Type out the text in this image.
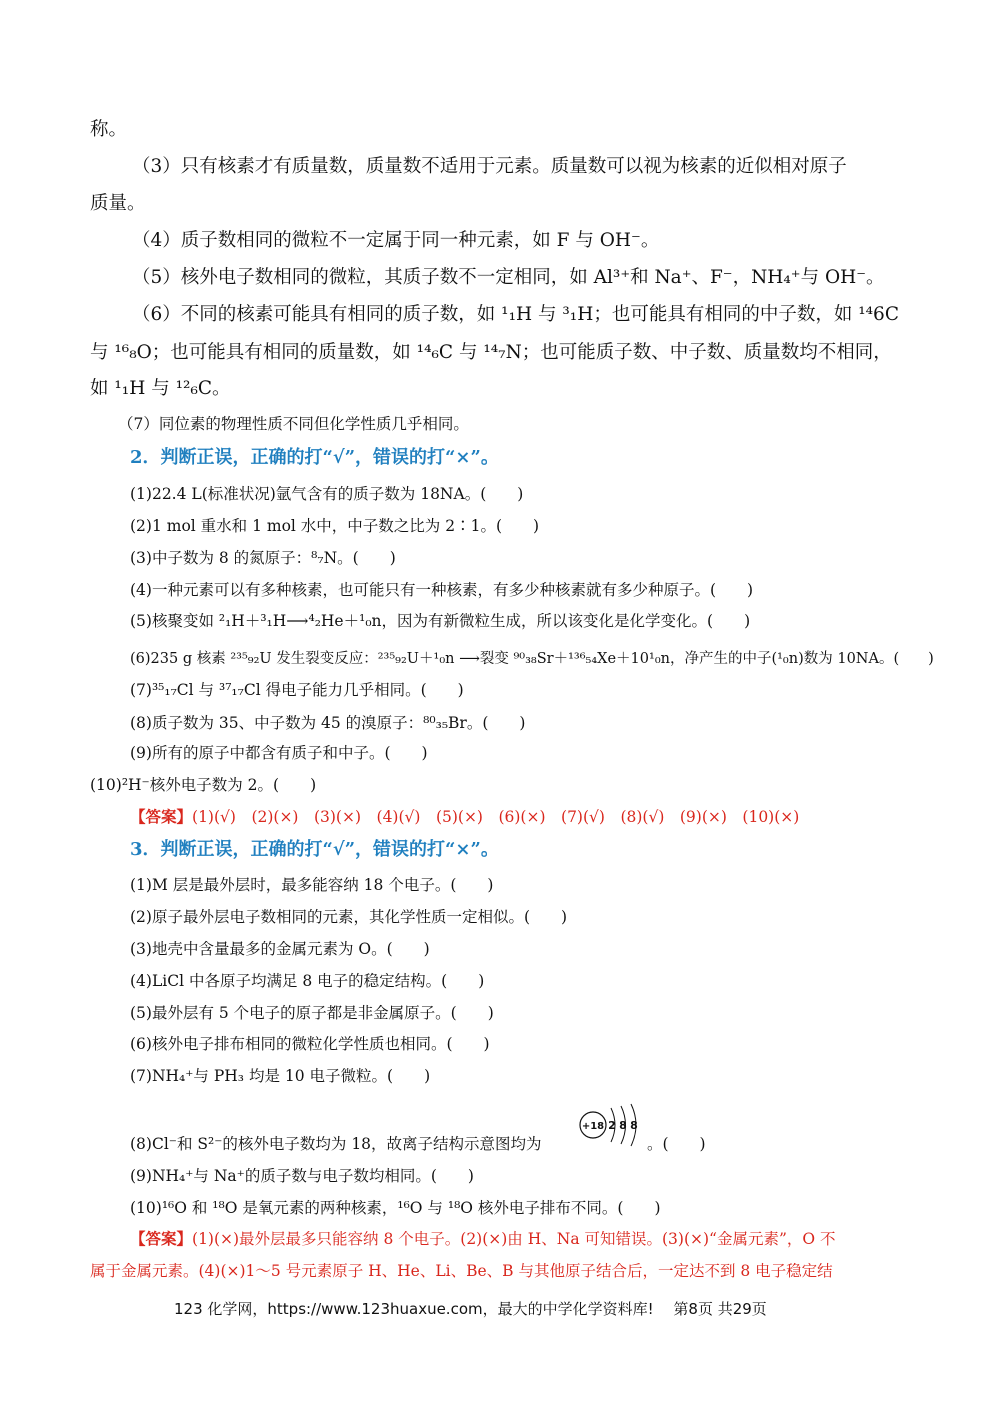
称。
（3）只有核素才有质量数，质量数不适用于元素。质量数可以视为核素的近似相对原子
质量。
（4）质子数相同的微粒不一定属于同一种元素，如 F 与 OH⁻。
（5）核外电子数相同的微粒，其质子数不一定相同，如 Al³⁺和 Na⁺、F⁻，NH₄⁺与 OH⁻。
（6）不同的核素可能具有相同的质子数，如 ¹₁H 与 ³₁H；也可能具有相同的中子数，如 ¹⁴6C
与 ¹⁶₈O；也可能具有相同的质量数，如 ¹⁴₆C 与 ¹⁴₇N；也可能质子数、中子数、质量数均不相同，
如 ¹₁H 与 ¹²₆C。
（7）同位素的物理性质不同但化学性质几乎相同。
2．判断正误，正确的打“√”，错误的打“×”。
(1)22.4 L(标准状况)氩气含有的质子数为 18NA。(　　)
(2)1 mol 重水和 1 mol 水中，中子数之比为 2∶1。(　　)
(3)中子数为 8 的氮原子：⁸₇N。(　　)
(4)一种元素可以有多种核素，也可能只有一种核素，有多少种核素就有多少种原子。(　　)
(5)核聚变如 ²₁H＋³₁H⟶⁴₂He＋¹₀n，因为有新微粒生成，所以该变化是化学变化。(　　)
(6)235 g 核素 ²³⁵₉₂U 发生裂变反应：²³⁵₉₂U＋¹₀n ⟶裂变 ⁹⁰₃₈Sr＋¹³⁶₅₄Xe＋10¹₀n，净产生的中子(¹₀n)数为 10NA。(　　)
(7)³⁵₁₇Cl 与 ³⁷₁₇Cl 得电子能力几乎相同。(　　)
(8)质子数为 35、中子数为 45 的溴原子：⁸⁰₃₅Br。(　　)
(9)所有的原子中都含有质子和中子。(　　)
(10)²H⁻核外电子数为 2。(　　)
【答案】(1)(√)　(2)(×)　(3)(×)　(4)(√)　(5)(×)　(6)(×)　(7)(√)　(8)(√)　(9)(×)　(10)(×)
3．判断正误，正确的打“√”，错误的打“×”。
(1)M 层是最外层时，最多能容纳 18 个电子。(　　)
(2)原子最外层电子数相同的元素，其化学性质一定相似。(　　)
(3)地壳中含量最多的金属元素为 O。(　　)
(4)LiCl 中各原子均满足 8 电子的稳定结构。(　　)
(5)最外层有 5 个电子的原子都是非金属原子。(　　)
(6)核外电子排布相同的微粒化学性质也相同。(　　)
(7)NH₄⁺与 PH₃ 均是 10 电子微粒。(　　)
(8)Cl⁻和 S²⁻的核外电子数均为 18，故离子结构示意图均为
+18 2 8 8
。(　　)
(9)NH₄⁺与 Na⁺的质子数与电子数均相同。(　　)
(10)¹⁶O 和 ¹⁸O 是氧元素的两种核素，¹⁶O 与 ¹⁸O 核外电子排布不同。(　　)
【答案】(1)(×)最外层最多只能容纳 8 个电子。(2)(×)由 H、Na 可知错误。(3)(×)“金属元素”，O 不
属于金属元素。(4)(×)1～5 号元素原子 H、He、Li、Be、B 与其他原子结合后，一定达不到 8 电子稳定结
123 化学网，https://www.123huaxue.com，最大的中学化学资料库!　 第8页 共29页
